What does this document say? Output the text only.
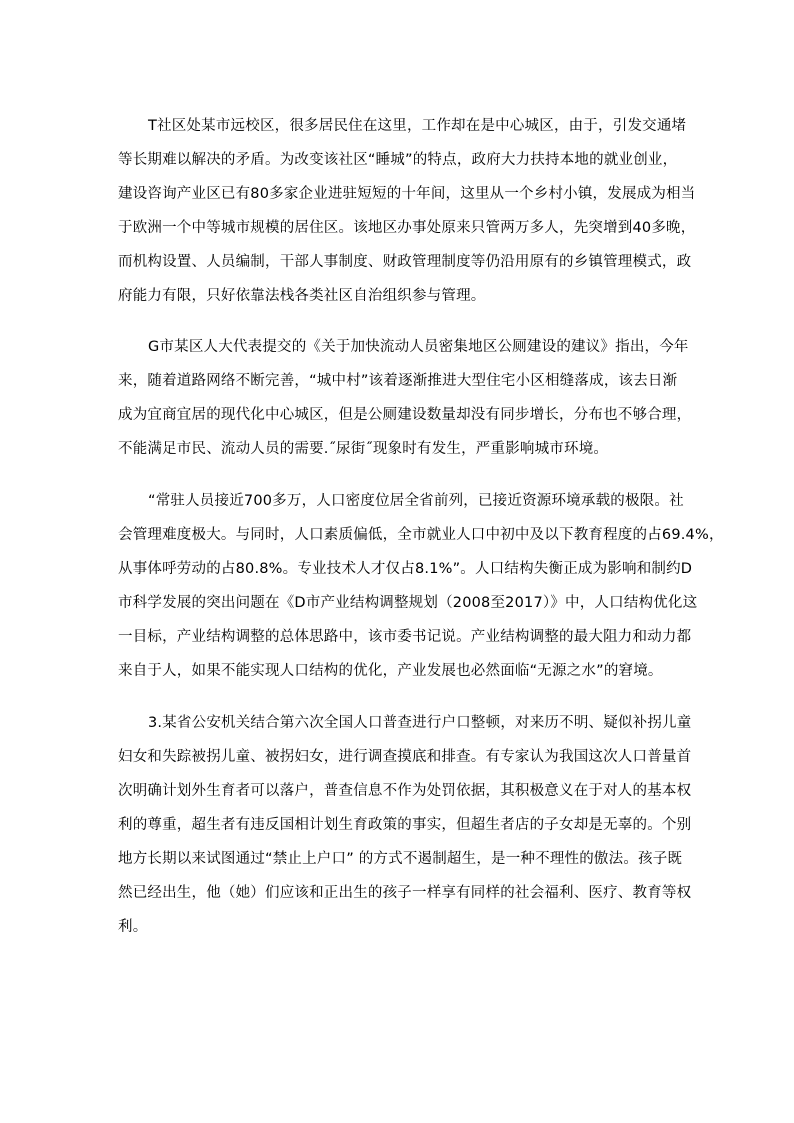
T社区处某市远校区，很多居民住在这里，工作却在是中心城区，由于，引发交通堵
等长期难以解决的矛盾。为改变该社区“睡城”的特点，政府大力扶持本地的就业创业，
建设咨询产业区已有80多家企业进驻短短的十年间，这里从一个乡村小镇，发展成为相当
于欧洲一个中等城市规模的居住区。该地区办事处原来只管两万多人，先突增到40多晚，
而机构设置、人员编制，干部人事制度、财政管理制度等仍沿用原有的乡镇管理模式，政
府能力有限，只好依靠法栈各类社区自治组织参与管理。
G市某区人大代表提交的《关于加快流动人员密集地区公厕建设的建议》指出，今年
来，随着道路网络不断完善，“城中村”该着逐渐推进大型住宅小区相缝落成，该去日渐
成为宜商宜居的现代化中心城区，但是公厕建设数量却没有同步增长，分布也不够合理，
不能满足市民、流动人员的需要.˝尿街˝现象时有发生，严重影响城市环境。
“常驻人员接近700多万，人口密度位居全省前列，已接近资源环境承载的极限。社
会管理难度极大。与同时，人口素质偏低，全市就业人口中初中及以下教育程度的占69.4%，
从事体呼劳动的占80.8%。专业技术人才仅占8.1%”。人口结构失衡正成为影响和制约D
市科学发展的突出问题在《D市产业结构调整规划（2008至2017）》中，人口结构优化这
一目标，产业结构调整的总体思路中，该市委书记说。产业结构调整的最大阻力和动力都
来自于人，如果不能实现人口结构的优化，产业发展也必然面临“无源之水”的窘境。
3.某省公安机关结合第六次全国人口普查进行户口整顿，对来历不明、疑似补拐儿童
妇女和失踪被拐儿童、被拐妇女，进行调查摸底和排查。有专家认为我国这次人口普量首
次明确计划外生育者可以落户，普查信息不作为处罚依据，其积极意义在于对人的基本权
利的尊重，超生者有违反国相计划生育政策的事实，但超生者店的子女却是无辜的。个别
地方长期以来试图通过“禁止上户口” 的方式不遏制超生，是一种不理性的傲法。孩子既
然已经出生，他（她）们应该和正出生的孩子一样享有同样的社会福利、医疗、教育等权
利。
